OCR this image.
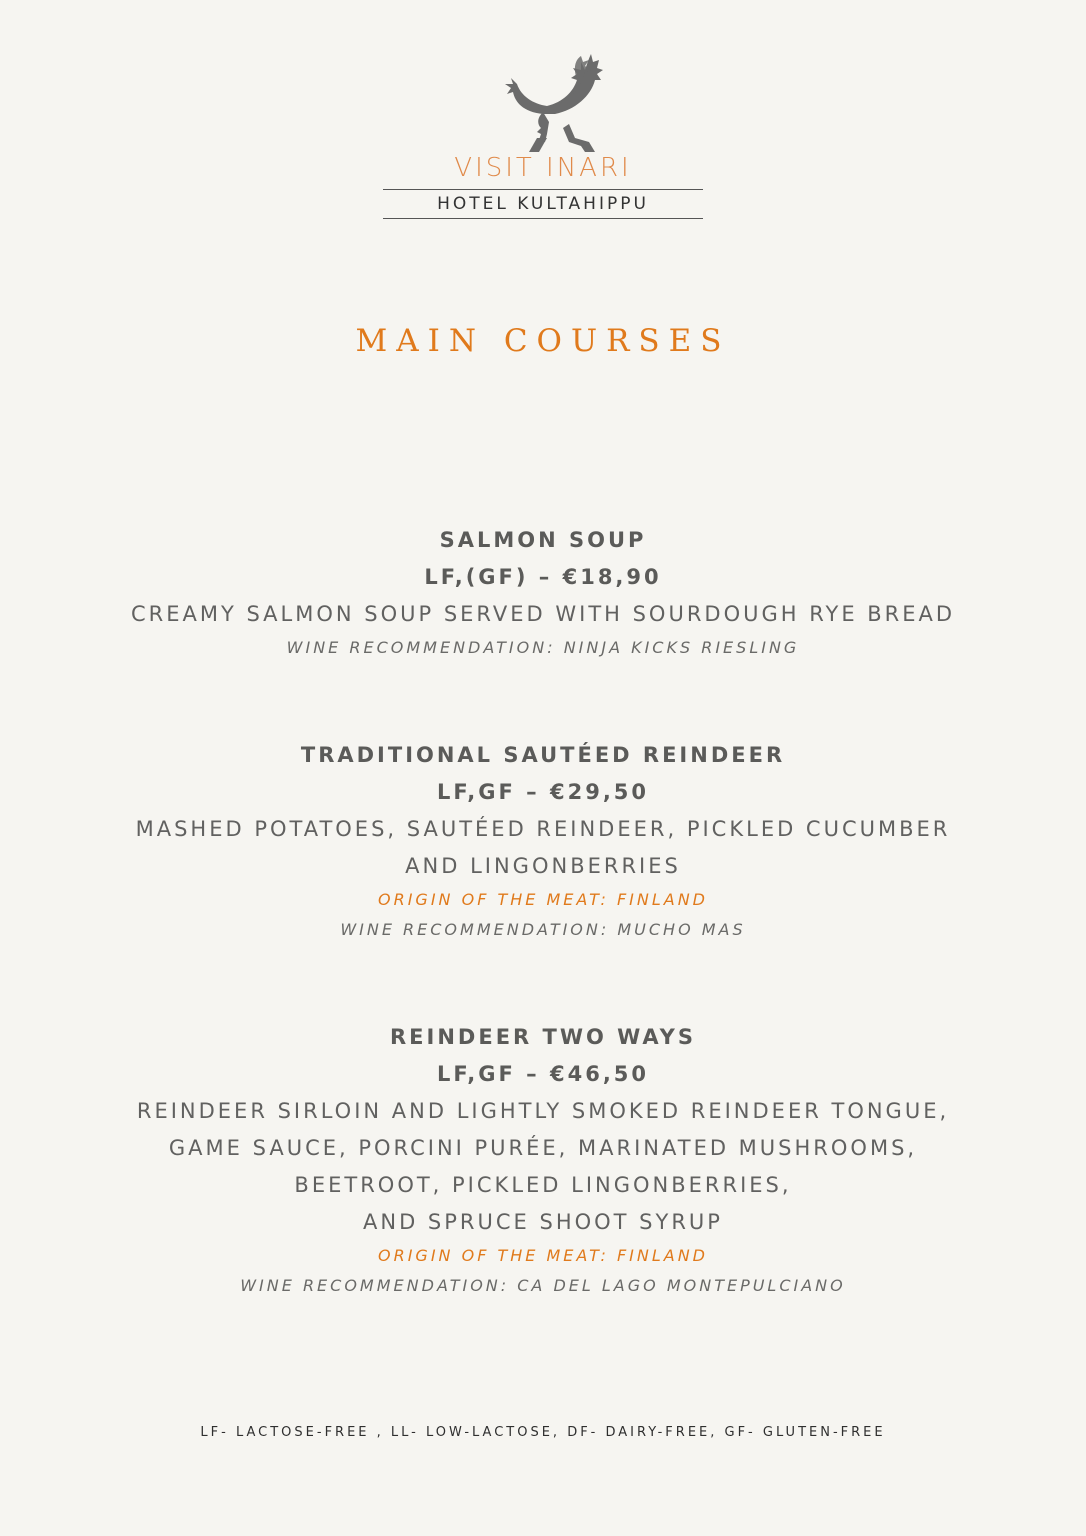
VISIT INARI
HOTEL KULTAHIPPU
MAIN COURSES
SALMON SOUP
LF,(GF) – €18,90
CREAMY SALMON SOUP SERVED WITH SOURDOUGH RYE BREAD
WINE RECOMMENDATION: NINJA KICKS RIESLING
TRADITIONAL SAUTÉED REINDEER
LF,GF – €29,50
MASHED POTATOES, SAUTÉED REINDEER, PICKLED CUCUMBER
AND LINGONBERRIES
ORIGIN OF THE MEAT: FINLAND
WINE RECOMMENDATION: MUCHO MAS
REINDEER TWO WAYS
LF,GF – €46,50
REINDEER SIRLOIN AND LIGHTLY SMOKED REINDEER TONGUE,
GAME SAUCE, PORCINI PURÉE, MARINATED MUSHROOMS,
BEETROOT, PICKLED LINGONBERRIES,
AND SPRUCE SHOOT SYRUP
ORIGIN OF THE MEAT: FINLAND
WINE RECOMMENDATION: CA DEL LAGO MONTEPULCIANO
LF- LACTOSE-FREE , LL- LOW-LACTOSE, DF- DAIRY-FREE, GF- GLUTEN-FREE
